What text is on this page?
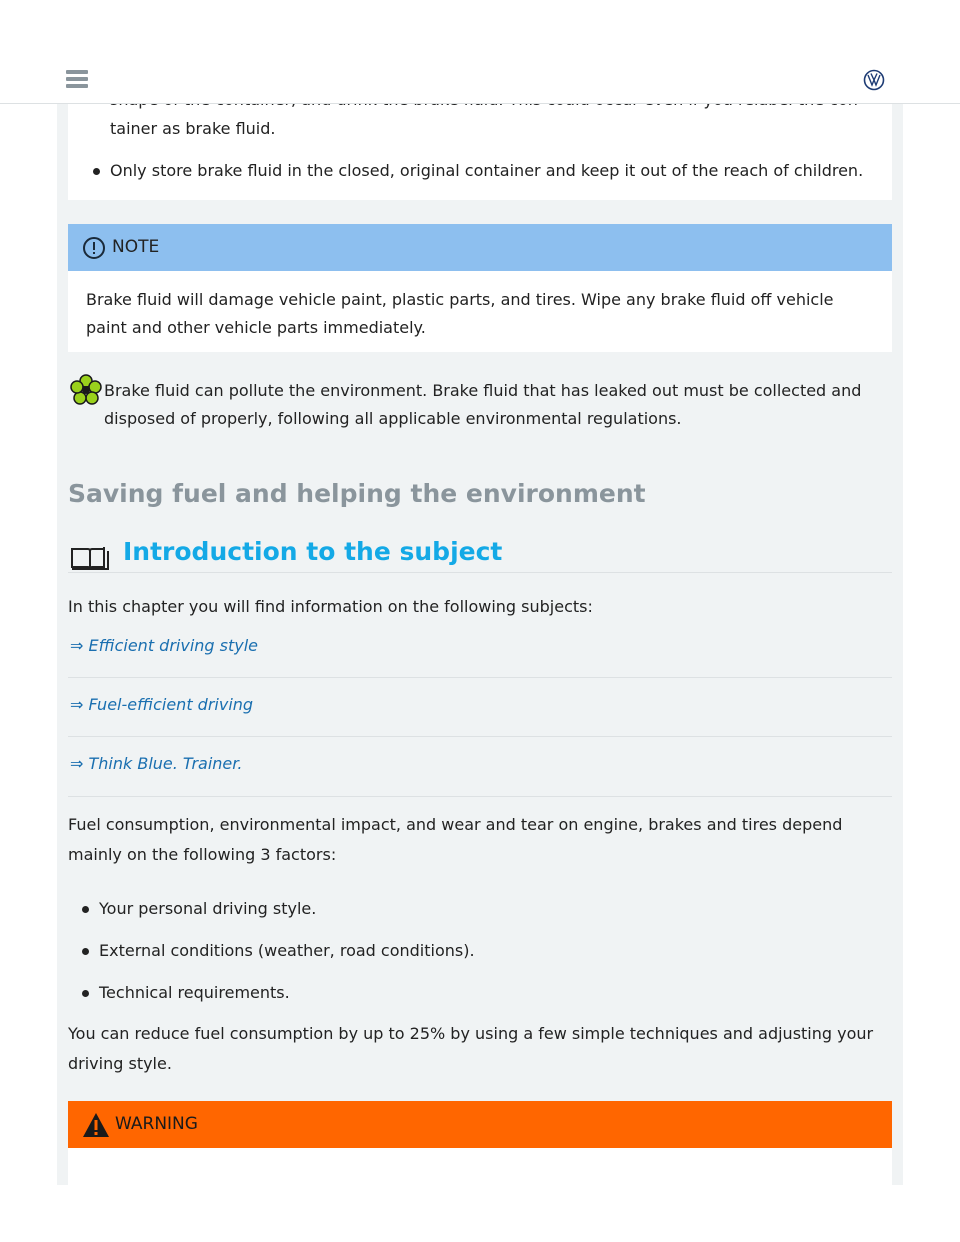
tainer as brake fluid.
Only store brake fluid in the closed, original container and keep it out of the reach of children.
NOTE
Brake fluid will damage vehicle paint, plastic parts, and tires. Wipe any brake fluid off vehicle
paint and other vehicle parts immediately.
Brake fluid can pollute the environment. Brake fluid that has leaked out must be collected and
disposed of properly, following all applicable environmental regulations.
Saving fuel and helping the environment
Introduction to the subject
In this chapter you will find information on the following subjects:
⇒ Efficient driving style
⇒ Fuel-efficient driving
⇒ Think Blue. Trainer.
Fuel consumption, environmental impact, and wear and tear on engine, brakes and tires depend
mainly on the following 3 factors:
Your personal driving style.
External conditions (weather, road conditions).
Technical requirements.
You can reduce fuel consumption by up to 25% by using a few simple techniques and adjusting your
driving style.
WARNING
